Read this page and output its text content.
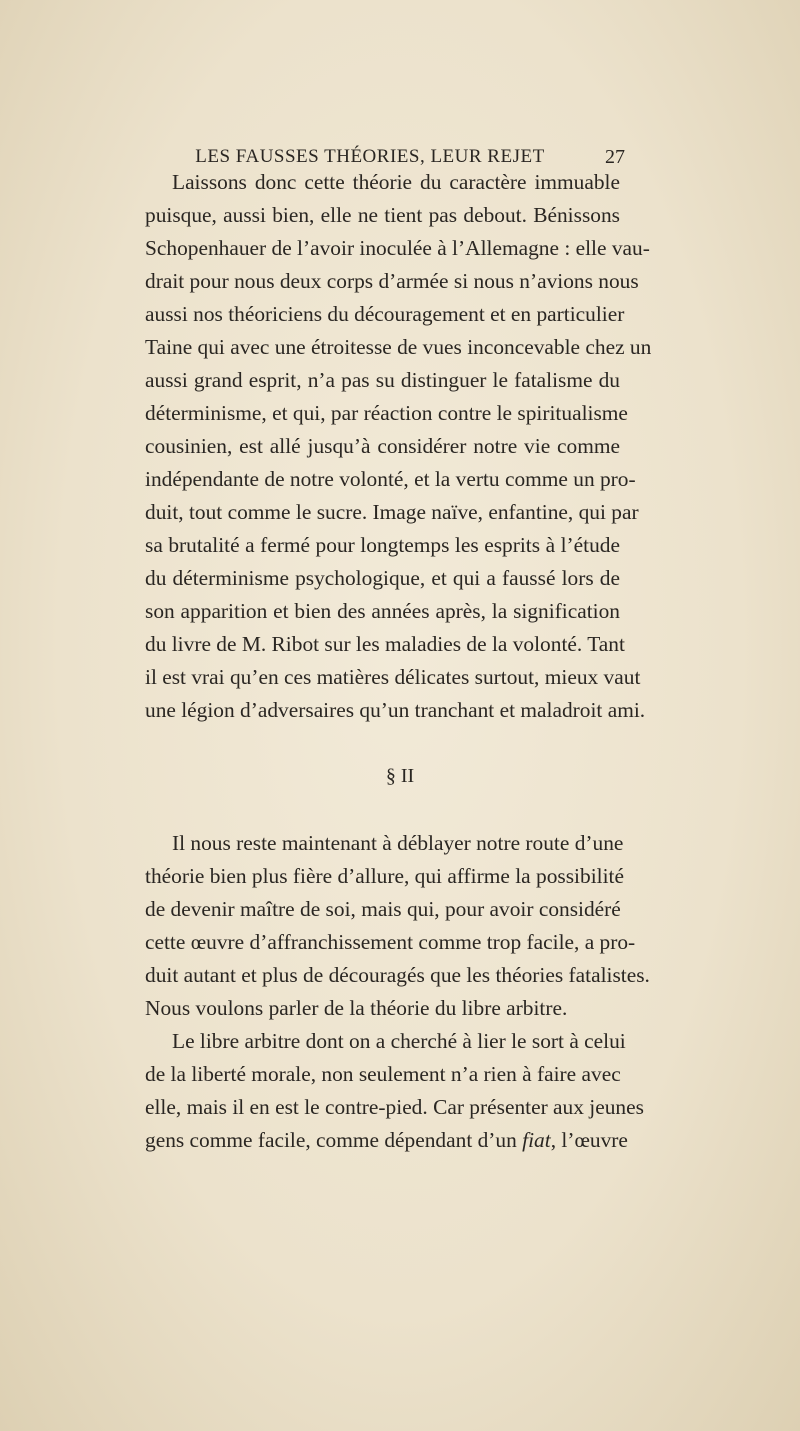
LES FAUSSES THÉORIES, LEUR REJET	27
Laissons donc cette théorie du caractère immuable
puisque, aussi bien, elle ne tient pas debout. Bénissons
Schopenhauer de l’avoir inoculée à l’Allemagne : elle vau-
drait pour nous deux corps d’armée si nous n’avions nous
aussi nos théoriciens du découragement et en particulier
Taine qui avec une étroitesse de vues inconcevable chez un
aussi grand esprit, n’a pas su distinguer le fatalisme du
déterminisme, et qui, par réaction contre le spiritualisme
cousinien, est allé jusqu’à considérer notre vie comme
indépendante de notre volonté, et la vertu comme un pro-
duit, tout comme le sucre. Image naïve, enfantine, qui par
sa brutalité a fermé pour longtemps les esprits à l’étude
du déterminisme psychologique, et qui a faussé lors de
son apparition et bien des années après, la signification
du livre de M. Ribot sur les maladies de la volonté. Tant
il est vrai qu’en ces matières délicates surtout, mieux vaut
une légion d’adversaires qu’un tranchant et maladroit ami.
§ II
Il nous reste maintenant à déblayer notre route d’une
théorie bien plus fière d’allure, qui affirme la possibilité
de devenir maître de soi, mais qui, pour avoir considéré
cette œuvre d’affranchissement comme trop facile, a pro-
duit autant et plus de découragés que les théories fatalistes.
Nous voulons parler de la théorie du libre arbitre.
Le libre arbitre dont on a cherché à lier le sort à celui
de la liberté morale, non seulement n’a rien à faire avec
elle, mais il en est le contre-pied. Car présenter aux jeunes
gens comme facile, comme dépendant d’un fiat, l’œuvre
